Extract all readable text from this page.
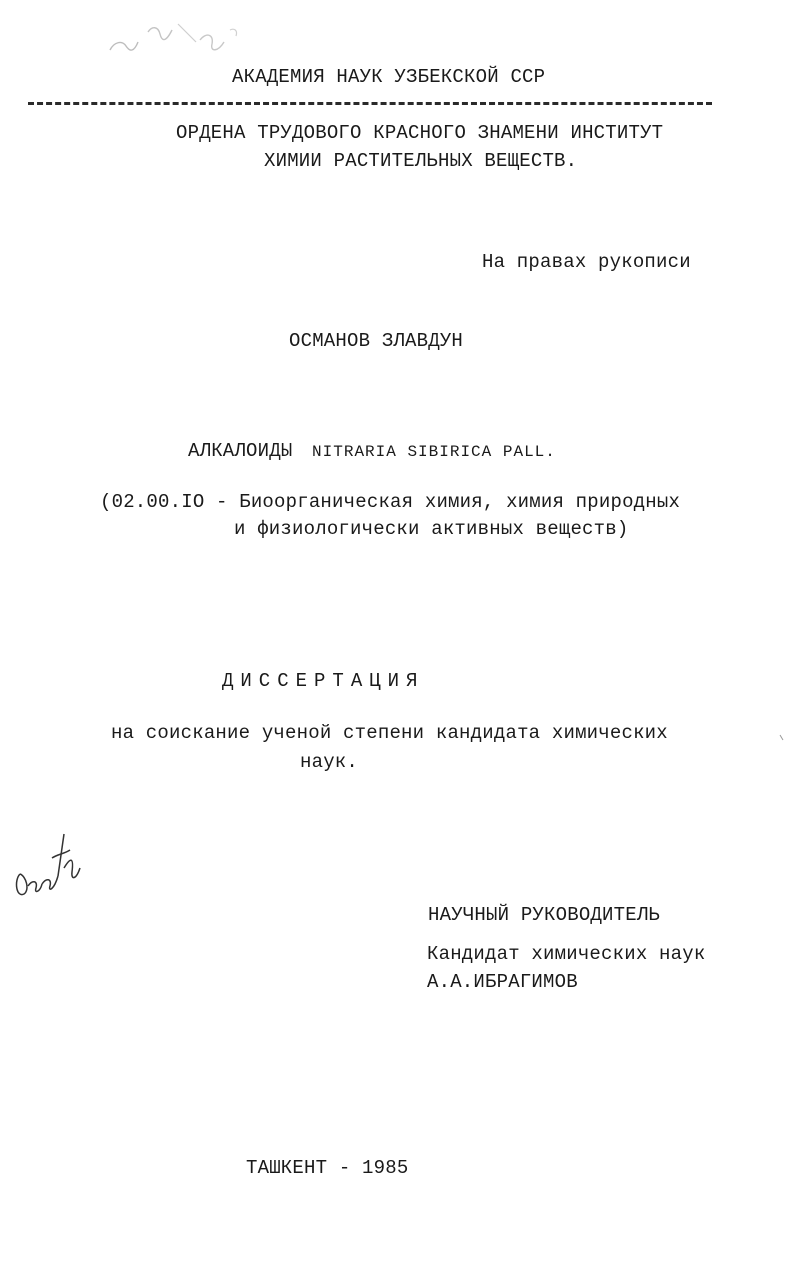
АКАДЕМИЯ НАУК УЗБЕКСКОЙ ССР
ОРДЕНА ТРУДОВОГО КРАСНОГО ЗНАМЕНИ ИНСТИТУТ
ХИМИИ РАСТИТЕЛЬНЫХ ВЕЩЕСТВ.
На правах рукописи
ОСМАНОВ ЗЛАВДУН
АЛКАЛОИДЫ NITRARIA SIBIRICA PALL.
(02.00.IO - Биоорганическая химия, химия природных
и физиологически активных веществ)
ДИССЕРТАЦИЯ
на соискание ученой степени кандидата химических
наук.
НАУЧНЫЙ РУКОВОДИТЕЛЬ
Кандидат химических наук
А.А.ИБРАГИМОВ
ТАШКЕНТ - 1985
